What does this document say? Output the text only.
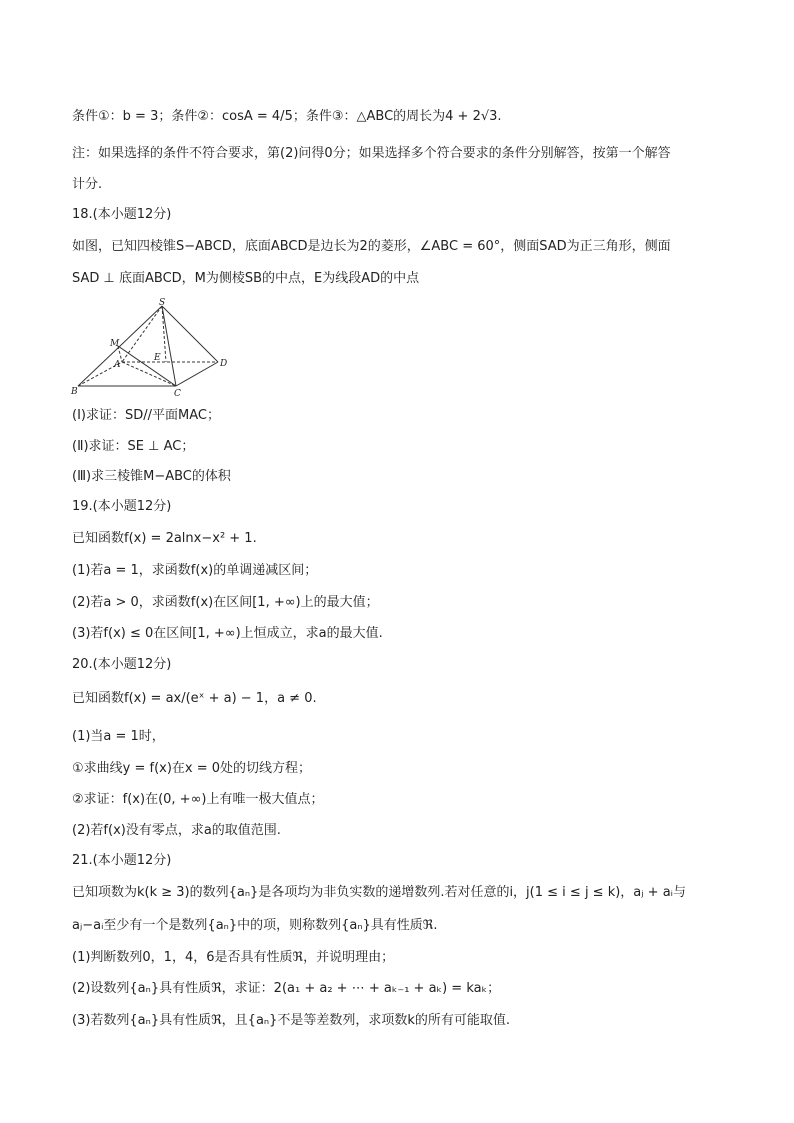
条件①：b = 3；条件②：cosA = 4/5；条件③：△ABC的周长为4 + 2√3.
注：如果选择的条件不符合要求，第(2)问得0分；如果选择多个符合要求的条件分别解答，按第一个解答
计分.
18.(本小题12分)
如图，已知四棱锥S−ABCD，底面ABCD是边长为2的菱形，∠ABC = 60°，侧面SAD为正三角形，侧面
SAD ⊥ 底面ABCD，M为侧棱SB的中点，E为线段AD的中点
S
M
A
E
B	C
D
(Ⅰ)求证：SD//平面MAC；
(Ⅱ)求证：SE ⊥ AC；
(Ⅲ)求三棱锥M−ABC的体积
19.(本小题12分)
已知函数f(x) = 2alnx−x² + 1.
(1)若a = 1，求函数f(x)的单调递减区间；
(2)若a > 0，求函数f(x)在区间[1, +∞)上的最大值；
(3)若f(x) ≤ 0在区间[1, +∞)上恒成立，求a的最大值.
20.(本小题12分)
已知函数f(x) = ax/(eˣ + a) − 1，a ≠ 0.
(1)当a = 1时，
①求曲线y = f(x)在x = 0处的切线方程；
②求证：f(x)在(0, +∞)上有唯一极大值点；
(2)若f(x)没有零点，求a的取值范围.
21.(本小题12分)
已知项数为k(k ≥ 3)的数列{aₙ}是各项均为非负实数的递增数列.若对任意的i，j(1 ≤ i ≤ j ≤ k)，aⱼ + aᵢ与
aⱼ−aᵢ至少有一个是数列{aₙ}中的项，则称数列{aₙ}具有性质ℜ.
(1)判断数列0，1，4，6是否具有性质ℜ，并说明理由；
(2)设数列{aₙ}具有性质ℜ，求证：2(a₁ + a₂ + ⋯ + aₖ₋₁ + aₖ) = kaₖ；
(3)若数列{aₙ}具有性质ℜ，且{aₙ}不是等差数列，求项数k的所有可能取值.
